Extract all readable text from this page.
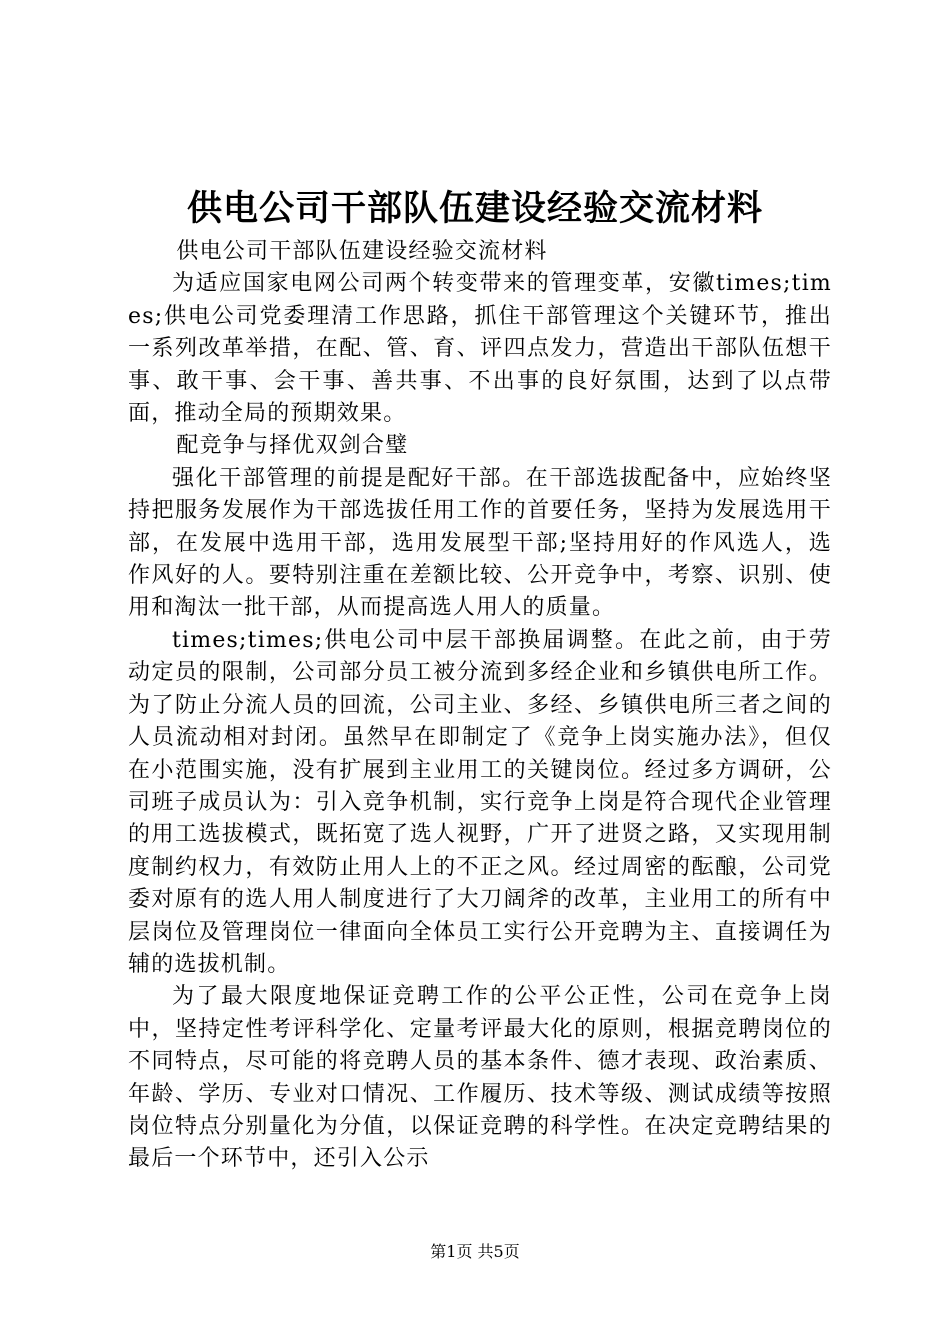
供电公司干部队伍建设经验交流材料

供电公司干部队伍建设经验交流材料

为适应国家电网公司两个转变带来的管理变革，安徽times;times;供电公司党委理清工作思路，抓住干部管理这个关键环节，推出一系列改革举措，在配、管、育、评四点发力，营造出干部队伍想干事、敢干事、会干事、善共事、不出事的良好氛围，达到了以点带面，推动全局的预期效果。

配竞争与择优双剑合璧

强化干部管理的前提是配好干部。在干部选拔配备中，应始终坚持把服务发展作为干部选拔任用工作的首要任务，坚持为发展选用干部，在发展中选用干部，选用发展型干部;坚持用好的作风选人，选作风好的人。要特别注重在差额比较、公开竞争中，考察、识别、使用和淘汰一批干部，从而提高选人用人的质量。

times;times;供电公司中层干部换届调整。在此之前，由于劳动定员的限制，公司部分员工被分流到多经企业和乡镇供电所工作。为了防止分流人员的回流，公司主业、多经、乡镇供电所三者之间的人员流动相对封闭。虽然早在即制定了《竞争上岗实施办法》，但仅在小范围实施，没有扩展到主业用工的关键岗位。经过多方调研，公司班子成员认为：引入竞争机制，实行竞争上岗是符合现代企业管理的用工选拔模式，既拓宽了选人视野，广开了进贤之路，又实现用制度制约权力，有效防止用人上的不正之风。经过周密的酝酿，公司党委对原有的选人用人制度进行了大刀阔斧的改革，主业用工的所有中层岗位及管理岗位一律面向全体员工实行公开竞聘为主、直接调任为辅的选拔机制。

为了最大限度地保证竞聘工作的公平公正性，公司在竞争上岗中，坚持定性考评科学化、定量考评最大化的原则，根据竞聘岗位的不同特点，尽可能的将竞聘人员的基本条件、德才表现、政治素质、年龄、学历、专业对口情况、工作履历、技术等级、测试成绩等按照岗位特点分别量化为分值，以保证竞聘的科学性。在决定竞聘结果的最后一个环节中，还引入公示

第1页 共5页
